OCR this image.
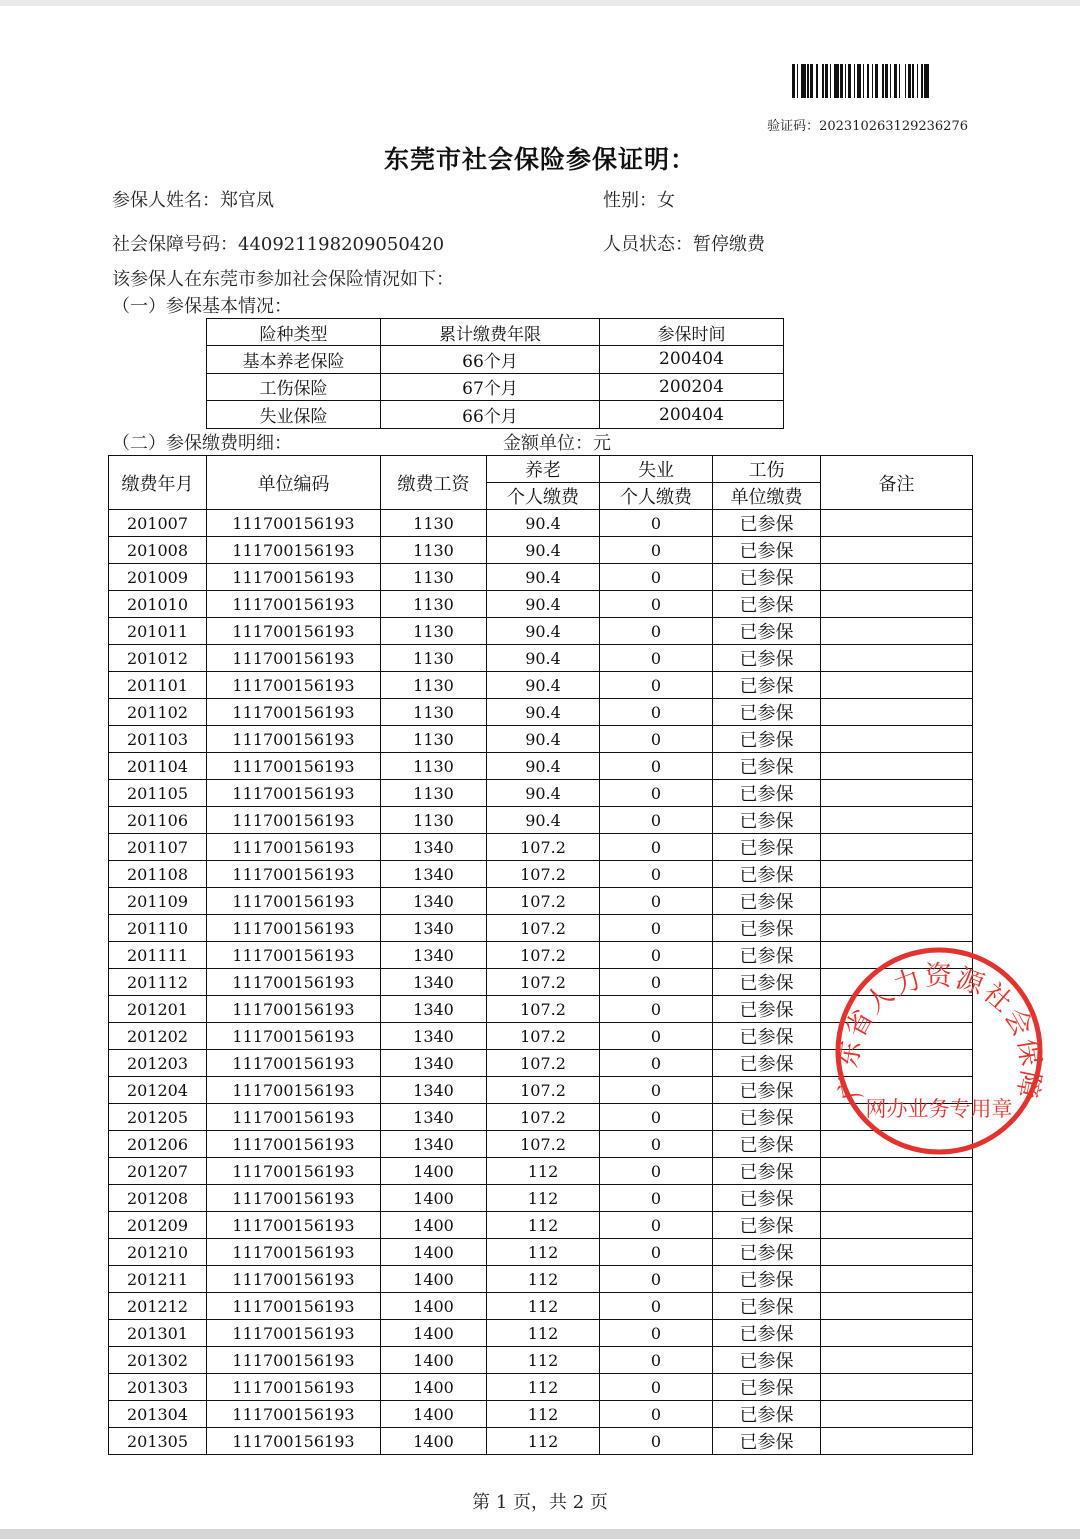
验证码：20231026312923627​6
东莞市社会保险参保证明：
参保人姓名：郑官凤	性别：女
社会保障号码：440921198209050420	人员状态：暂停缴费
该参保人在东莞市参加社会保险情况如下：
（一）参保基本情况：
险种类型	累计缴费年限	参保时间
基本养老保险	66个月	200404
工伤保险	67个月	200204
失业保险	66个月	200404
（二）参保缴费明细：	金额单位：元
缴费年月	单位编码	缴费工资	养老	失业	工伤	备注
			个人缴费	个人缴费	单位缴费	
201007	111700156193	1130	90.4	0	已参保	
201008	111700156193	1130	90.4	0	已参保	
201009	111700156193	1130	90.4	0	已参保	
201010	111700156193	1130	90.4	0	已参保	
201011	111700156193	1130	90.4	0	已参保	
201012	111700156193	1130	90.4	0	已参保	
201101	111700156193	1130	90.4	0	已参保	
201102	111700156193	1130	90.4	0	已参保	
201103	111700156193	1130	90.4	0	已参保	
201104	111700156193	1130	90.4	0	已参保	
201105	111700156193	1130	90.4	0	已参保	
201106	111700156193	1130	90.4	0	已参保	
201107	111700156193	1340	107.2	0	已参保	
201108	111700156193	1340	107.2	0	已参保	
201109	111700156193	1340	107.2	0	已参保	
201110	111700156193	1340	107.2	0	已参保	
201111	111700156193	1340	107.2	0	已参保	
201112	111700156193	1340	107.2	0	已参保	
201201	111700156193	1340	107.2	0	已参保	
201202	111700156193	1340	107.2	0	已参保	
201203	111700156193	1340	107.2	0	已参保	
201204	111700156193	1340	107.2	0	已参保	
201205	111700156193	1340	107.2	0	已参保	
201206	111700156193	1340	107.2	0	已参保	
201207	111700156193	1400	112	0	已参保	
201208	111700156193	1400	112	0	已参保	
201209	111700156193	1400	112	0	已参保	
201210	111700156193	1400	112	0	已参保	
201211	111700156193	1400	112	0	已参保	
201212	111700156193	1400	112	0	已参保	
201301	111700156193	1400	112	0	已参保	
201302	111700156193	1400	112	0	已参保	
201303	111700156193	1400	112	0	已参保	
201304	111700156193	1400	112	0	已参保	
201305	111700156193	1400	112	0	已参保	
广东省人力资源社会保障
网办业务专用章
第 1 页，共 2 页
